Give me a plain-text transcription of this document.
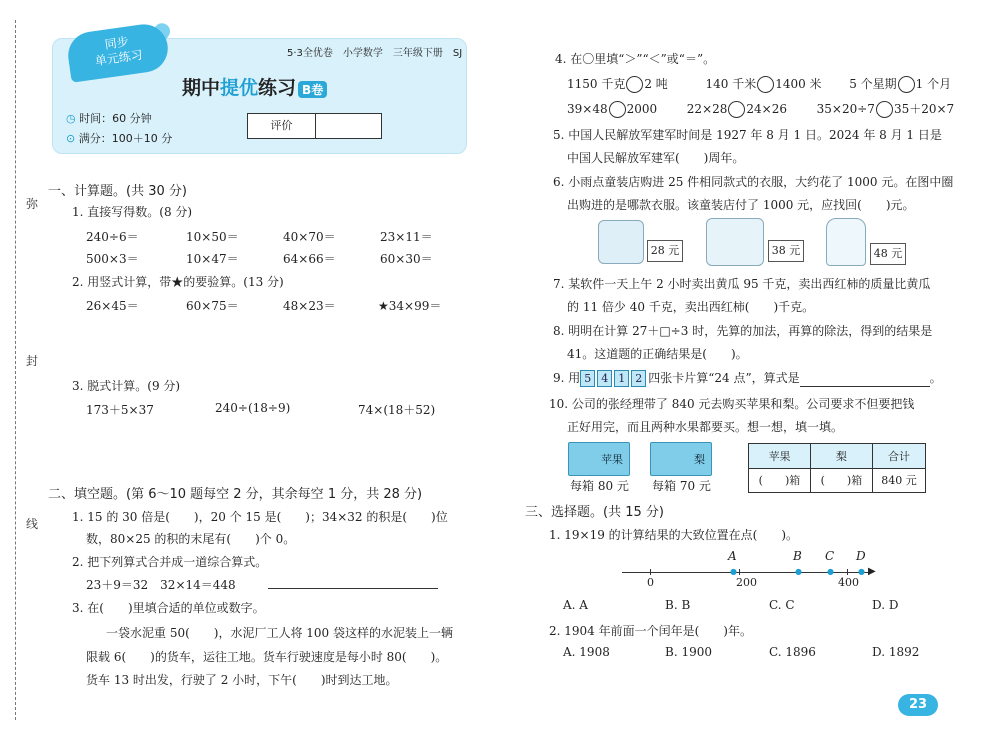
弥
封
线
同步
单元练习	5·3全优卷　小学数学　三年级下册　SJ
期中提优练习 B卷
◷ 时间：60 分钟
⊙ 满分：100＋10 分
评价
一、计算题。(共 30 分)
1. 直接写得数。(8 分)
240÷6＝	10×50＝	40×70＝	23×11＝
500×3＝	10×47＝	64×66＝	60×30＝
2. 用竖式计算，带★的要验算。(13 分)
26×45＝	60×75＝	48×23＝	★34×99＝
3. 脱式计算。(9 分)
173＋5×37	240÷(18÷9)	74×(18＋52)
二、填空题。(第 6～10 题每空 2 分，其余每空 1 分，共 28 分)
1. 15 的 30 倍是(　　)，20 个 15 是(　　)；34×32 的积是(　　)位
数，80×25 的积的末尾有(　　)个 0。
2. 把下列算式合并成一道综合算式。
23＋9＝32　32×14＝448
3. 在(　　)里填合适的单位或数字。
一袋水泥重 50(　　)，水泥厂工人将 100 袋这样的水泥装上一辆
限载 6(　　)的货车，运往工地。货车行驶速度是每小时 80(　　)。
货车 13 时出发，行驶了 2 小时，下午(　　)时到达工地。
4. 在〇里填“＞”“＜”或“＝”。
1150 千克 2 吨	140 千米 1400 米 5 个星期 1 个月
39×48 2000 22×28 24×26 35×20÷7 35＋20×7
5. 中国人民解放军建军时间是 1927 年 8 月 1 日。2024 年 8 月 1 日是
中国人民解放军建军(　　)周年。
6. 小雨点童装店购进 25 件相同款式的衣服，大约花了 1000 元。在图中圈
出购进的是哪款衣服。该童装店付了 1000 元，应找回(　　)元。
28 元	38 元	48 元
7. 某软件一天上午 2 小时卖出黄瓜 95 千克，卖出西红柿的质量比黄瓜
的 11 倍少 40 千克，卖出西红柿(　　)千克。
8. 明明在计算 27＋□÷3 时，先算的加法，再算的除法，得到的结果是
41。这道题的正确结果是(　　)。
9. 用 5 4 1 2 四张卡片算“24 点”，算式是	。
10. 公司的张经理带了 840 元去购买苹果和梨。公司要求不但要把钱
正好用完，而且两种水果都要买。想一想，填一填。
苹果
每箱 80 元
梨
每箱 70 元
苹果	梨	合计
(　　)箱	(　　)箱	840 元
三、选择题。(共 15 分)
1. 19×19 的计算结果的大致位置在点(　　)。
▶
0	200	400
A	B C D
●	●	●	●
A. A	B. B	C. C	D. D
2. 1904 年前面一个闰年是(　　)年。
A. 1908	B. 1900	C. 1896	D. 1892
23
